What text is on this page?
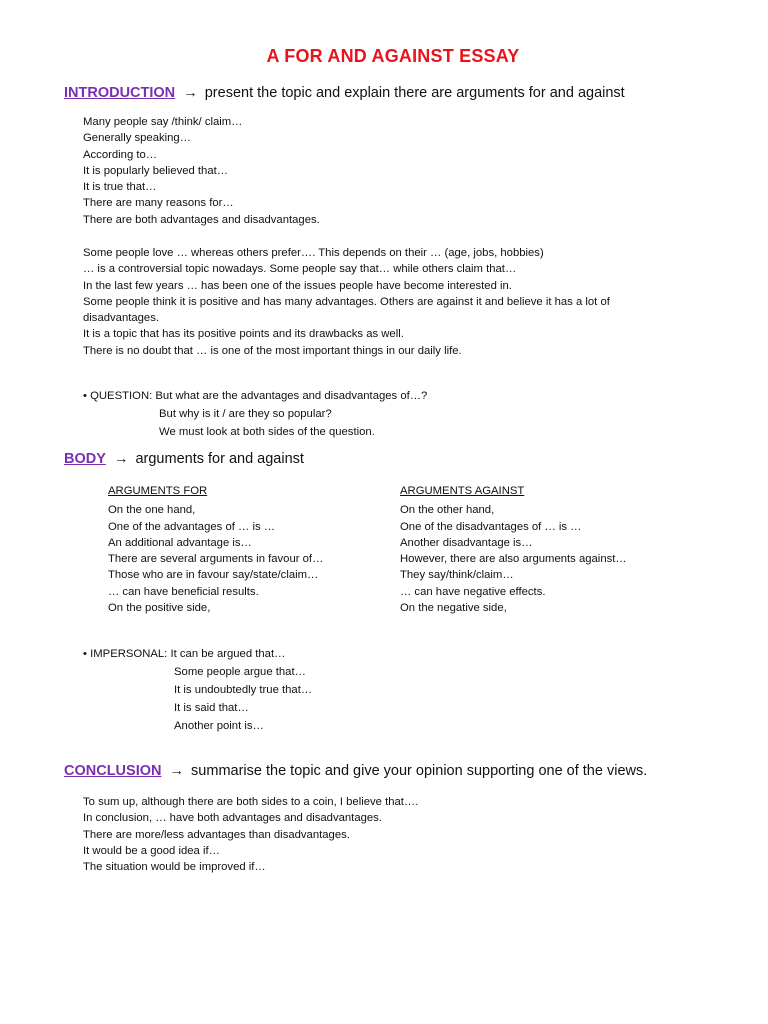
A FOR AND AGAINST ESSAY
INTRODUCTION → present the topic and explain there are arguments for and against
Many people say /think/ claim…
Generally speaking…
According to…
It is popularly believed that…
It is true that…
There are many reasons for…
There are both advantages and disadvantages.
Some people love … whereas others prefer…. This depends on their … (age, jobs, hobbies)
… is a controversial topic nowadays. Some people say that… while others claim that…
In the last few years … has been one of the issues people have become interested in.
Some people think it is positive and has many advantages. Others are against it and believe it has a lot of
disadvantages.
It is a topic that has its positive points and its drawbacks as well.
There is no doubt that … is one of the most important things in our daily life.
• QUESTION: But what are the advantages and disadvantages of…?
But why is it / are they so popular?
We must look at both sides of the question.
BODY → arguments for and against
ARGUMENTS FOR
On the one hand,
One of the advantages of … is …
An additional advantage is…
There are several arguments in favour of…
Those who are in favour say/state/claim…
… can have beneficial results.
On the positive side,
ARGUMENTS AGAINST
On the other hand,
One of the disadvantages of … is …
Another disadvantage is…
However, there are also arguments against…
They say/think/claim…
… can have negative effects.
On the negative side,
• IMPERSONAL: It can be argued that…
Some people argue that…
It is undoubtedly true that…
It is said that…
Another point is…
CONCLUSION → summarise the topic and give your opinion supporting one of the views.
To sum up, although there are both sides to a coin, I believe that….
In conclusion, … have both advantages and disadvantages.
There are more/less advantages than disadvantages.
It would be a good idea if…
The situation would be improved if…
